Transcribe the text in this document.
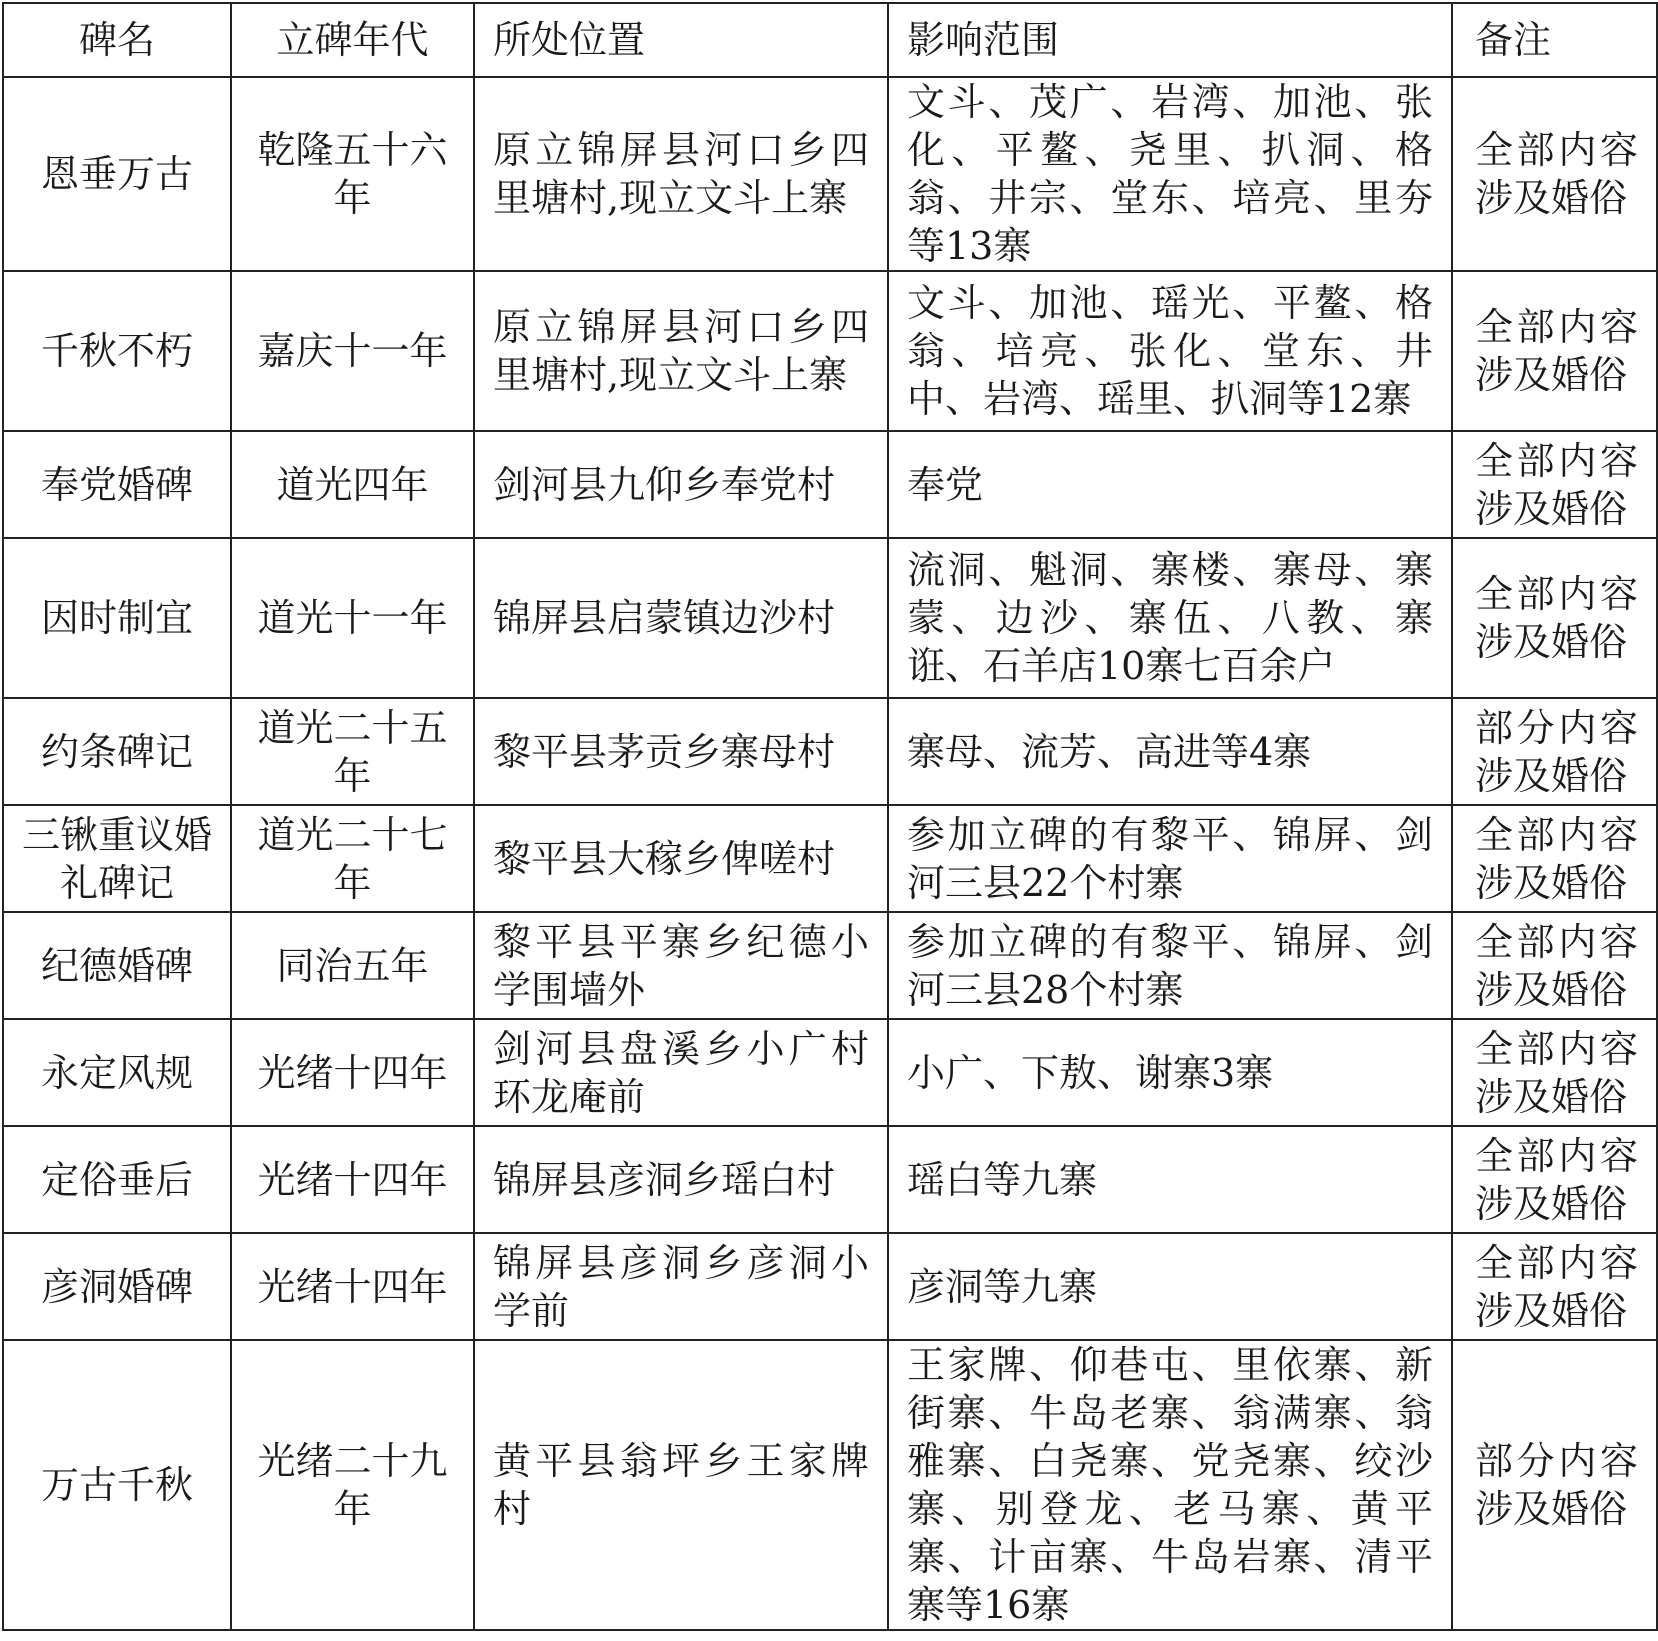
碑名	立碑年代	所处位置	影响范围	备注
恩垂万古	乾隆五十六年	原立锦屏县河口乡四里塘村,现立文斗上寨	文斗、茂广、岩湾、加池、张化、平鳌、尧里、扒洞、格翁、井宗、堂东、培亮、里夯等13寨	全部内容涉及婚俗
千秋不朽	嘉庆十一年	原立锦屏县河口乡四里塘村,现立文斗上寨	文斗、加池、瑶光、平鳌、格翁、培亮、张化、堂东、井中、岩湾、瑶里、扒洞等12寨	全部内容涉及婚俗
奉党婚碑	道光四年	剑河县九仰乡奉党村	奉党	全部内容涉及婚俗
因时制宜	道光十一年	锦屏县启蒙镇边沙村	流洞、魁洞、寨楼、寨母、寨蒙、边沙、寨伍、八教、寨诳、石羊店10寨七百余户	全部内容涉及婚俗
约条碑记	道光二十五年	黎平县茅贡乡寨母村	寨母、流芳、高进等4寨	部分内容涉及婚俗
三锹重议婚礼碑记	道光二十七年	黎平县大稼乡俾嗟村	参加立碑的有黎平、锦屏、剑河三县22个村寨	全部内容涉及婚俗
纪德婚碑	同治五年	黎平县平寨乡纪德小学围墙外	参加立碑的有黎平、锦屏、剑河三县28个村寨	全部内容涉及婚俗
永定风规	光绪十四年	剑河县盘溪乡小广村环龙庵前	小广、下敖、谢寨3寨	全部内容涉及婚俗
定俗垂后	光绪十四年	锦屏县彦洞乡瑶白村	瑶白等九寨	全部内容涉及婚俗
彦洞婚碑	光绪十四年	锦屏县彦洞乡彦洞小学前	彦洞等九寨	全部内容涉及婚俗
万古千秋	光绪二十九年	黄平县翁坪乡王家牌村	王家牌、仰巷屯、里依寨、新街寨、牛岛老寨、翁满寨、翁雅寨、白尧寨、党尧寨、绞沙寨、别登龙、老马寨、黄平寨、计亩寨、牛岛岩寨、清平寨等16寨	部分内容涉及婚俗
